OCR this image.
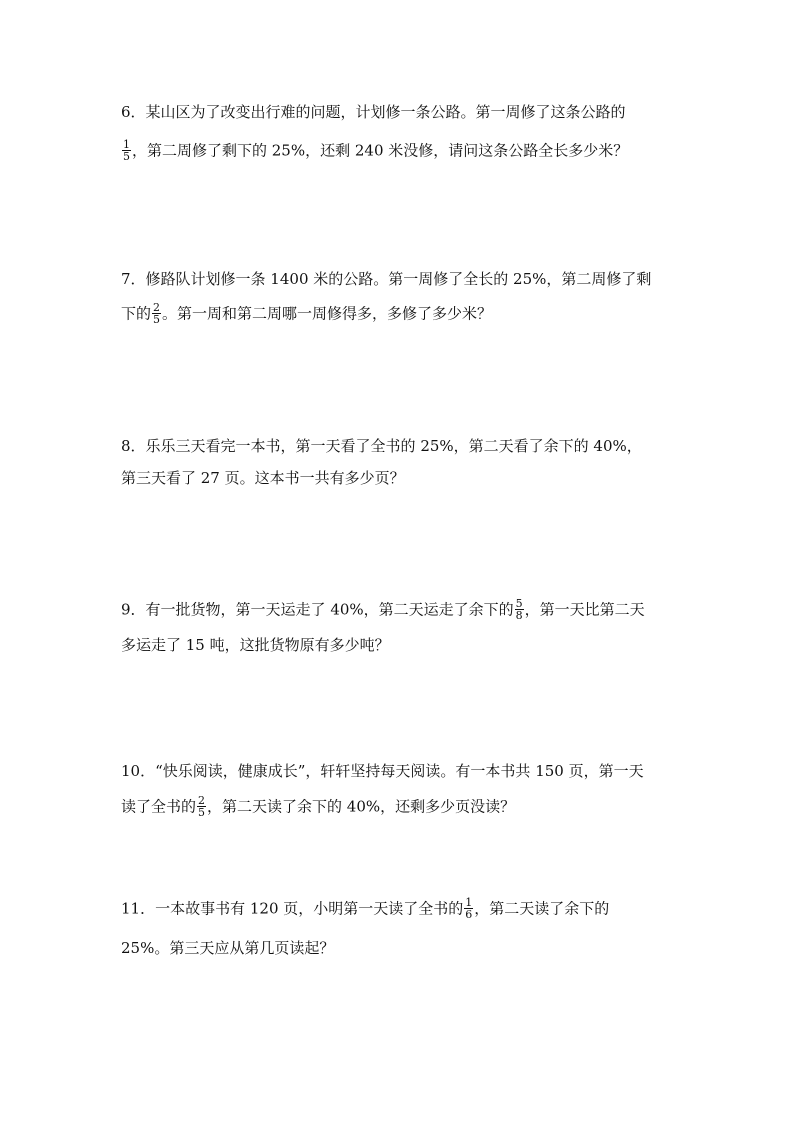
6．某山区为了改变出行难的问题，计划修一条公路。第一周修了这条公路的
$\frac{1}{5}$ ，第二周修了剩下的 25%，还剩 240 米没修，请问这条公路全长多少米？
7．修路队计划修一条 1400 米的公路。第一周修了全长的 25%，第二周修了剩
下的 $\frac{2}{5}$ 。第一周和第二周哪一周修得多，多修了多少米？
8．乐乐三天看完一本书，第一天看了全书的 25%，第二天看了余下的 40%，
第三天看了 27 页。这本书一共有多少页？
9．有一批货物，第一天运走了 40%，第二天运走了余下的 $\frac{5}{8}$ ，第一天比第二天
多运走了 15 吨，这批货物原有多少吨？
10．“快乐阅读，健康成长”，轩轩坚持每天阅读。有一本书共 150 页，第一天
读了全书的 $\frac{2}{5}$ ，第二天读了余下的 40%，还剩多少页没读？
11．一本故事书有 120 页，小明第一天读了全书的 $\frac{1}{6}$ ，第二天读了余下的
25%。第三天应从第几页读起？
